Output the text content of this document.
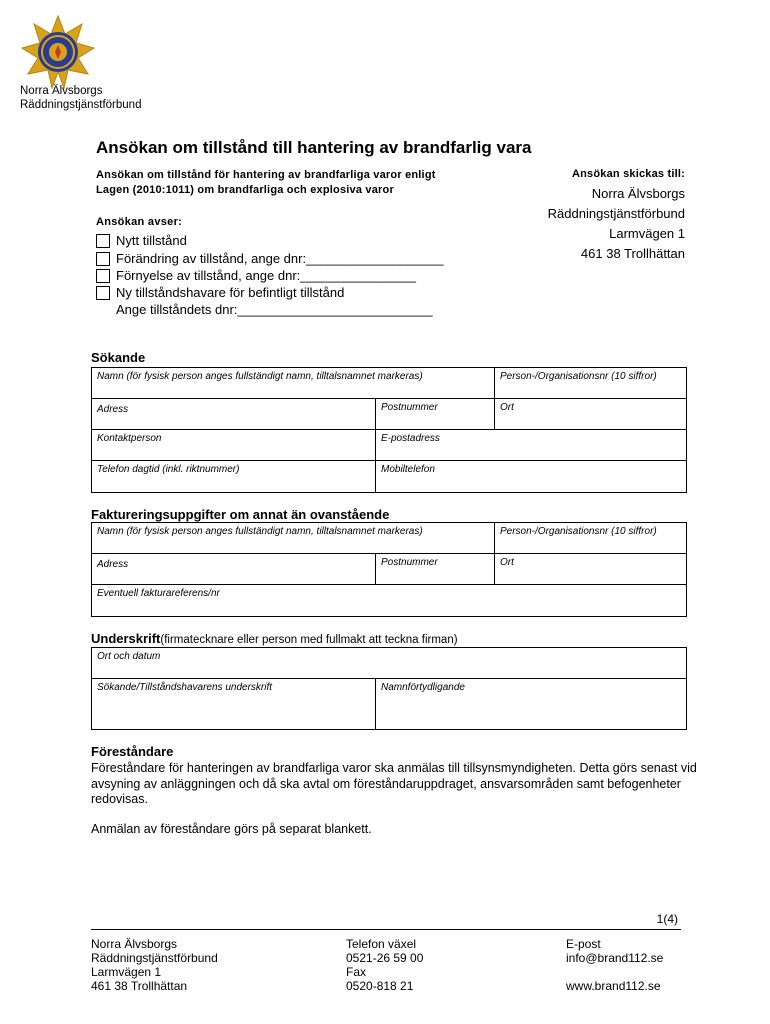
Norra Älvsborgs
Räddningstjänstförbund
Ansökan om tillstånd till hantering av brandfarlig vara
Ansökan om tillstånd för hantering av brandfarliga varor enligt Lagen (2010:1011) om brandfarliga och explosiva varor
Ansökan avser:
Nytt tillstånd
Förändring av tillstånd, ange dnr:___________________
Förnyelse av tillstånd, ange dnr:________________
Ny tillståndshavare för befintligt tillstånd
Ange tillståndets dnr:___________________________
Ansökan skickas till:
Norra Älvsborgs
Räddningstjänstförbund
Larmvägen 1
461 38 Trollhättan
Sökande
Namn (för fysisk person anges fullständigt namn, tilltalsnamnet markeras)	Person-/Organisationsnr (10 siffror)
Adress	Postnummer	Ort
Kontaktperson	E-postadress
Telefon dagtid (inkl. riktnummer)	Mobiltelefon
Faktureringsuppgifter om annat än ovanstående
Namn (för fysisk person anges fullständigt namn, tilltalsnamnet markeras)	Person-/Organisationsnr (10 siffror)
Adress	Postnummer	Ort
Eventuell fakturareferens/nr
Underskrift(firmatecknare eller person med fullmakt att teckna firman)
Ort och datum
Sökande/Tillståndshavarens underskrift	Namnförtydligande
Föreståndare
Föreståndare för hanteringen av brandfarliga varor ska anmälas till tillsynsmyndigheten. Detta görs senast vid avsyning av anläggningen och då ska avtal om föreståndaruppdraget, ansvarsområden samt befogenheter redovisas.
Anmälan av föreståndare görs på separat blankett.
1(4)
Norra Älvsborgs
Räddningstjänstförbund
Larmvägen 1
461 38 Trollhättan
Telefon växel
0521-26 59 00
Fax
0520-818 21
E-post
info@brand112.se
www.brand112.se
